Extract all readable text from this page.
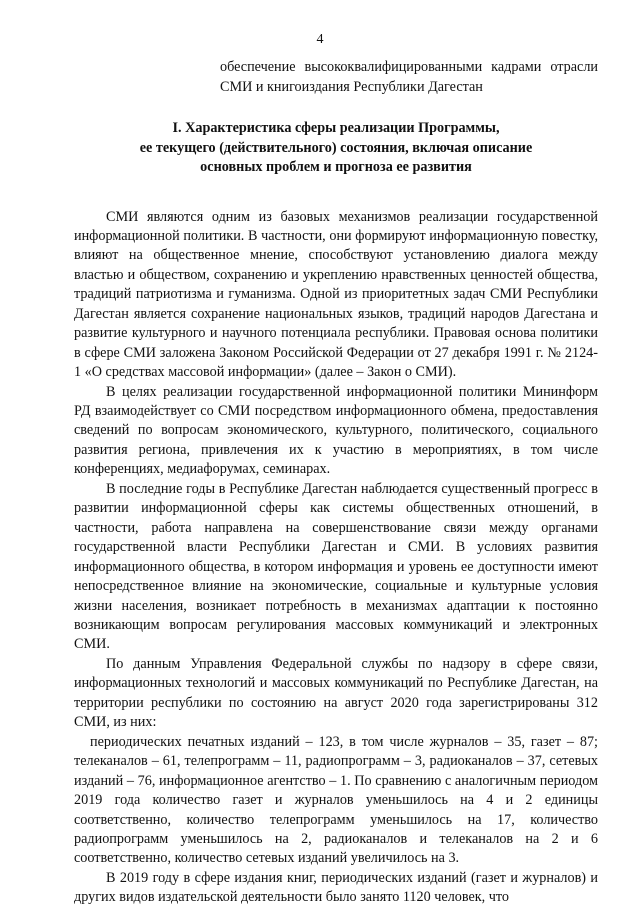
4
обеспечение высококвалифицированными кадрами отрасли СМИ и книгоиздания Республики Дагестан
I. Характеристика сферы реализации Программы,
ее текущего (действительного) состояния, включая описание
основных проблем и прогноза ее развития

СМИ являются одним из базовых механизмов реализации государственной информационной политики. В частности, они формируют информационную повестку, влияют на общественное мнение, способствуют установлению диалога между властью и обществом, сохранению и укреплению нравственных ценностей общества, традиций патриотизма и гуманизма. Одной из приоритетных задач СМИ Республики Дагестан является сохранение национальных языков, традиций народов Дагестана и развитие культурного и научного потенциала республики. Правовая основа политики в сфере СМИ заложена Законом Российской Федерации от 27 декабря 1991 г. № 2124-1 «О средствах массовой информации» (далее – Закон о СМИ).

В целях реализации государственной информационной политики Мининформ РД взаимодействует со СМИ посредством информационного обмена, предоставления сведений по вопросам экономического, культурного, политического, социального развития региона, привлечения их к участию в мероприятиях, в том числе конференциях, медиафорумах, семинарах.

В последние годы в Республике Дагестан наблюдается существенный прогресс в развитии информационной сферы как системы общественных отношений, в частности, работа направлена на совершенствование связи между органами государственной власти Республики Дагестан и СМИ. В условиях развития информационного общества, в котором информация и уровень ее доступности имеют непосредственное влияние на экономические, социальные и культурные условия жизни населения, возникает потребность в механизмах адаптации к постоянно возникающим вопросам регулирования массовых коммуникаций и электронных СМИ.

По данным Управления Федеральной службы по надзору в сфере связи, информационных технологий и массовых коммуникаций по Республике Дагестан, на территории республики по состоянию на август 2020 года зарегистрированы 312 СМИ, из них:

периодических печатных изданий – 123, в том числе журналов – 35, газет – 87; телеканалов – 61, телепрограмм – 11, радиопрограмм – 3, радиоканалов – 37, сетевых изданий – 76, информационное агентство – 1. По сравнению с аналогичным периодом 2019 года количество газет и журналов уменьшилось на 4 и 2 единицы соответственно, количество телепрограмм уменьшилось на 17, количество радиопрограмм уменьшилось на 2, радиоканалов и телеканалов на 2 и 6 соответственно, количество сетевых изданий увеличилось на 3.

В 2019 году в сфере издания книг, периодических изданий (газет и журналов) и других видов издательской деятельности было занято 1120 человек, что
